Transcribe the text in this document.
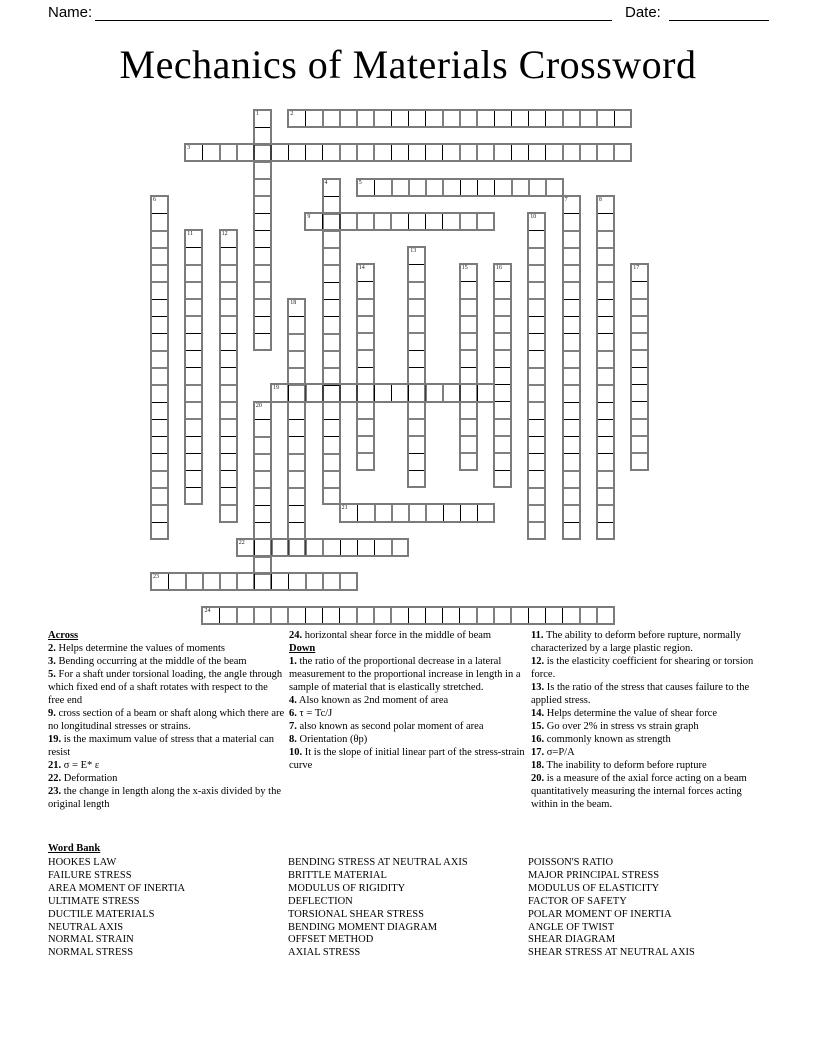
Name:	Date:
Mechanics of Materials Crossword
1	2
3
4	5
6	7	8
9	10
11	12
13
14	15	16	17
18
19
20
21
22
23
24

Across

2. Helps determine the values of moments

3. Bending occurring at the middle of the beam

5. For a shaft under torsional loading, the angle through which fixed end of a shaft rotates with respect to the free end

9. cross section of a beam or shaft along which there are no longitudinal stresses or strains.

19. is the maximum value of stress that a material can resist

21. σ = E* ε

22. Deformation

23. the change in length along the x-axis divided by the original length

24. horizontal shear force in the middle of beam

Down

1. the ratio of the proportional decrease in a lateral measurement to the proportional increase in length in a sample of material that is elastically stretched.

4. Also known as 2nd moment of area

6. τ = Tc/J

7. also known as second polar moment of area

8. Orientation (θp)

10. It is the slope of initial linear part of the stress-strain curve

11. The ability to deform before rupture, normally characterized by a large plastic region.

12. is the elasticity coefficient for shearing or torsion force.

13. Is the ratio of the stress that causes failure to the applied stress.

14. Helps determine the value of shear force

15. Go over 2% in stress vs strain graph

16. commonly known as strength

17. σ=P/A

18. The inability to deform before rupture

20. is a measure of the axial force acting on a beam quantitatively measuring the internal forces acting within in the beam.

Word Bank
HOOKES LAW
FAILURE STRESS
AREA MOMENT OF INERTIA
ULTIMATE STRESS
DUCTILE MATERIALS
NEUTRAL AXIS
NORMAL STRAIN
NORMAL STRESS
BENDING STRESS AT NEUTRAL AXIS
BRITTLE MATERIAL
MODULUS OF RIGIDITY
DEFLECTION
TORSIONAL SHEAR STRESS
BENDING MOMENT DIAGRAM
OFFSET METHOD
AXIAL STRESS
POISSON'S RATIO
MAJOR PRINCIPAL STRESS
MODULUS OF ELASTICITY
FACTOR OF SAFETY
POLAR MOMENT OF INERTIA
ANGLE OF TWIST
SHEAR DIAGRAM
SHEAR STRESS AT NEUTRAL AXIS
